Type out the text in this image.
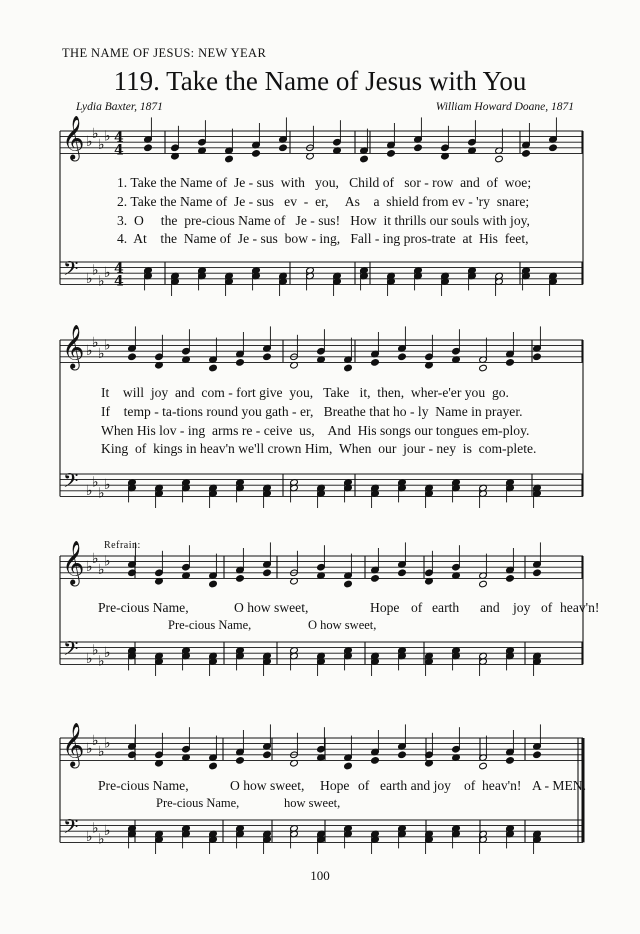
THE NAME OF JESUS: NEW YEAR
119. Take the Name of Jesus with You
Lydia Baxter, 1871	William Howard Doane, 1871
𝄞
𝄢
♭
♭
♭
♭
♭
♭
♭
♭
4
4
4
4
𝄞
𝄢
♭
♭
♭
♭
♭
♭
♭
♭
𝄞
𝄢
♭
♭
♭
♭
♭
♭
♭
♭
𝄞
𝄢
♭
♭
♭
♭
♭
♭
♭
♭
1. Take the Name of  Je - sus  with   you,   Child of   sor - row  and  of  woe;
2. Take the Name of  Je - sus   ev  -  er,     As    a  shield from ev - 'ry  snare;
3.  O     the  pre-cious Name of   Je - sus!   How  it thrills our souls with joy,
4.  At    the  Name of  Je - sus  bow - ing,   Fall - ing pros-trate  at  His  feet,
It    will  joy  and  com - fort give  you,   Take   it,  then,  wher-e'er you  go.
If    temp - ta-tions round you gath - er,   Breathe that ho - ly  Name in prayer.
When His lov - ing  arms re - ceive  us,    And  His songs our tongues em-ploy.
King  of  kings in heav'n we'll crown Him,  When  our  jour - ney  is  com-plete.
Refrain:
Pre-cious Name,	O how sweet,	Hope of earth and joy of heav'n!
Pre-cious Name,	O how sweet,
Pre-cious Name,	O how sweet, Hope of earth and joy of heav'n! A - MEN.
Pre-cious Name,	how sweet,
100
